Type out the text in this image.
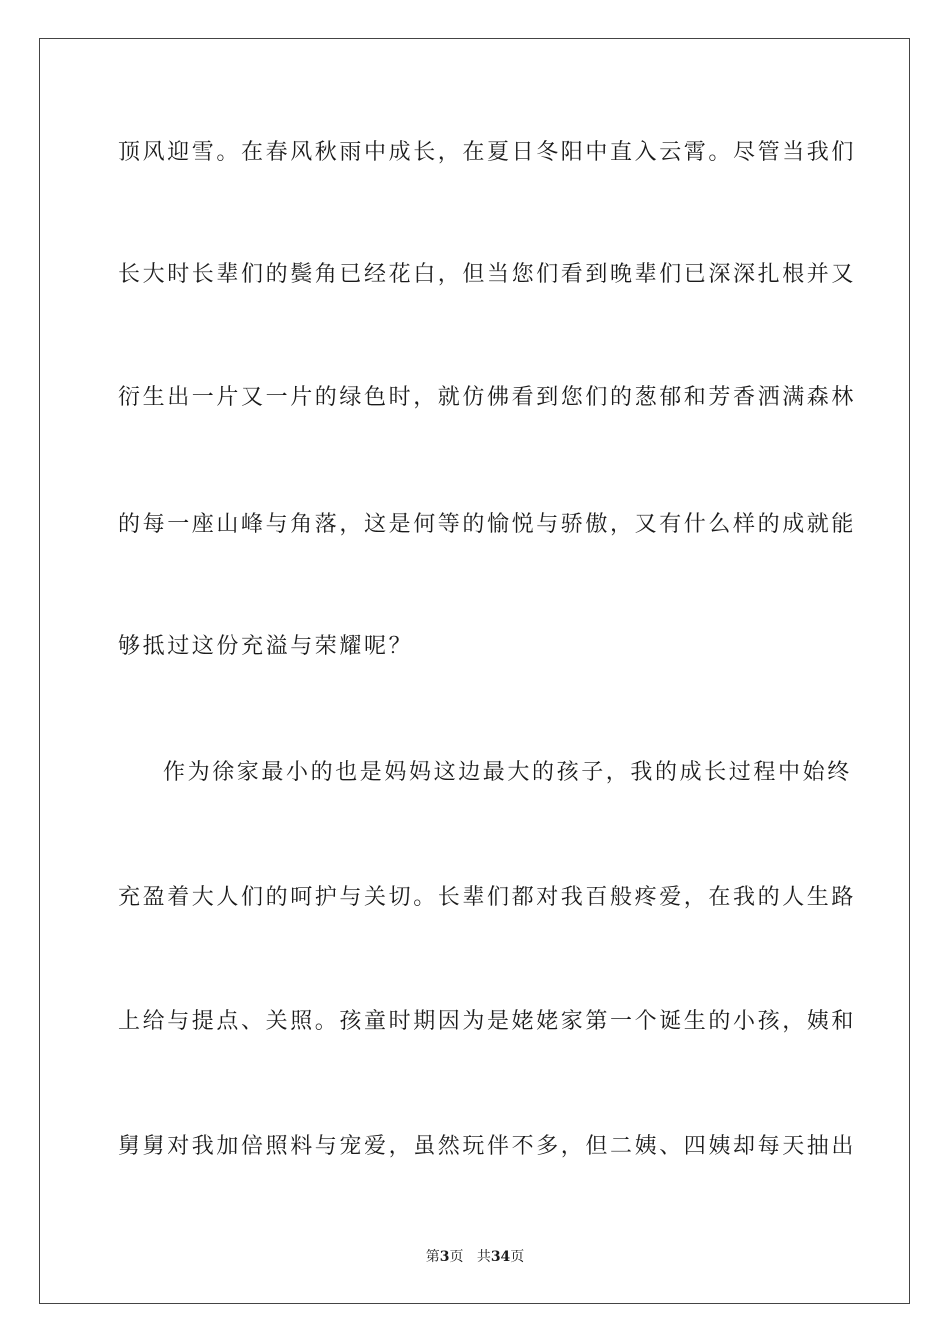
顶风迎雪。在春风秋雨中成长，在夏日冬阳中直入云霄。尽管当我们
长大时长辈们的鬓角已经花白，但当您们看到晚辈们已深深扎根并又
衍生出一片又一片的绿色时，就仿佛看到您们的葱郁和芳香洒满森林
的每一座山峰与角落，这是何等的愉悦与骄傲，又有什么样的成就能
够抵过这份充溢与荣耀呢？
作为徐家最小的也是妈妈这边最大的孩子，我的成长过程中始终
充盈着大人们的呵护与关切。长辈们都对我百般疼爱，在我的人生路
上给与提点、关照。孩童时期因为是姥姥家第一个诞生的小孩，姨和
舅舅对我加倍照料与宠爱，虽然玩伴不多，但二姨、四姨却每天抽出
第3页 共34页
